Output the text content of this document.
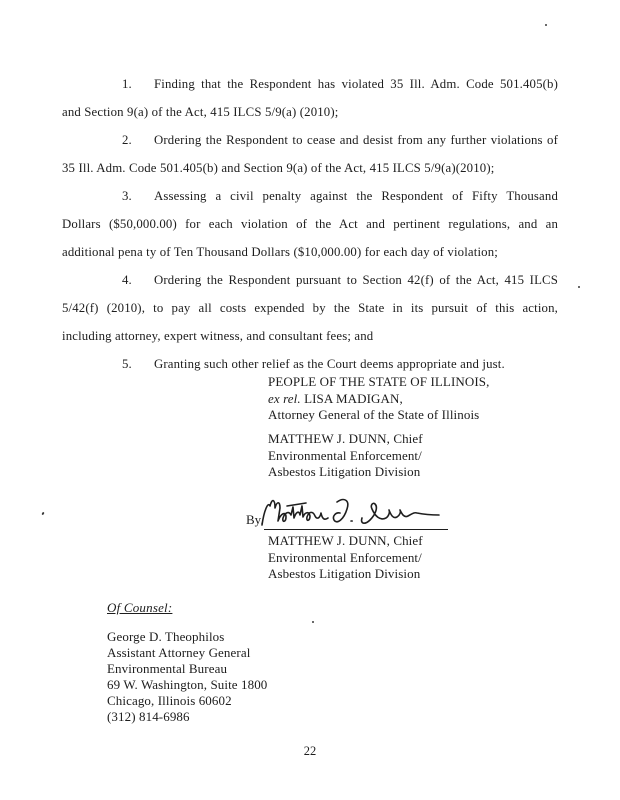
1. Finding that the Respondent has violated 35 Ill. Adm. Code 501.405(b)
and Section 9(a) of the Act, 415 ILCS 5/9(a) (2010);
2. Ordering the Respondent to cease and desist from any further violations of
35 Ill. Adm. Code 501.405(b) and Section 9(a) of the Act, 415 ILCS 5/9(a)(2010);
3. Assessing a civil penalty against the Respondent of Fifty Thousand
Dollars ($50,000.00) for each violation of the Act and pertinent regulations, and an
additional pena ty of Ten Thousand Dollars ($10,000.00) for each day of violation;
4. Ordering the Respondent pursuant to Section 42(f) of the Act, 415 ILCS
5/42(f) (2010), to pay all costs expended by the State in its pursuit of this action,
including attorney, expert witness, and consultant fees; and
5. Granting such other relief as the Court deems appropriate and just.
PEOPLE OF THE STATE OF ILLINOIS,
ex rel. LISA MADIGAN,
Attorney General of the State of Illinois
MATTHEW J. DUNN, Chief
Environmental Enforcement/
Asbestos Litigation Division
By.
MATTHEW J. DUNN, Chief
Environmental Enforcement/
Asbestos Litigation Division
Of Counsel:
George D. Theophilos
Assistant Attorney General
Environmental Bureau
69 W. Washington, Suite 1800
Chicago, Illinois 60602
(312) 814-6986
22
